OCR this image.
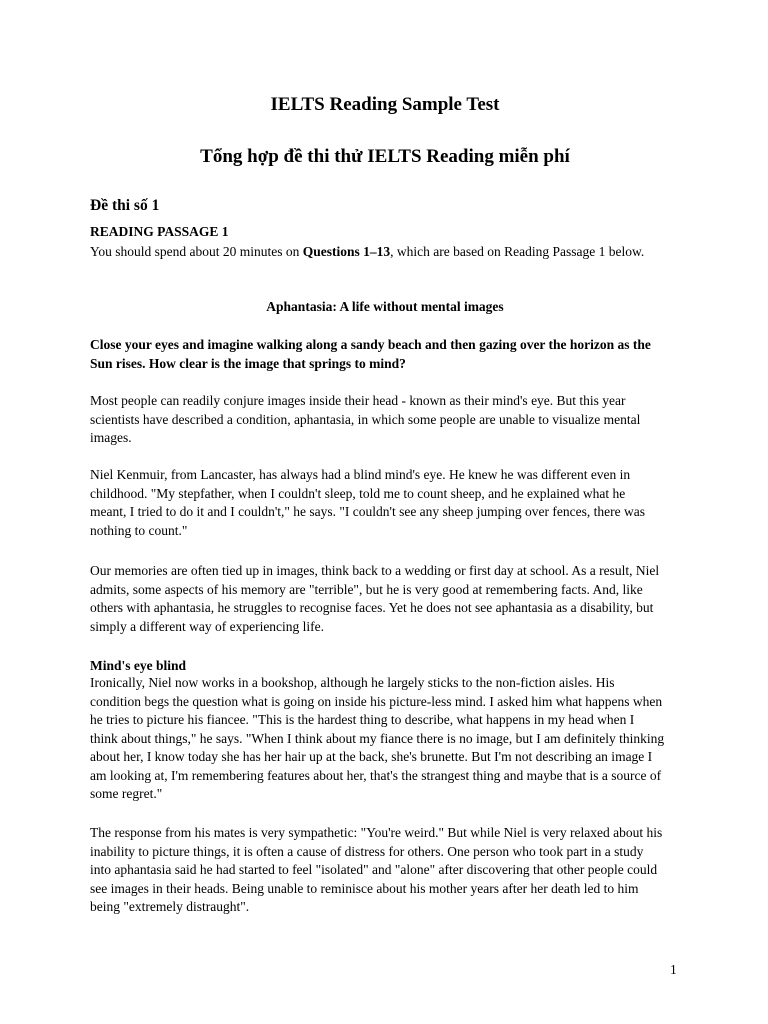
IELTS Reading Sample Test
Tổng hợp đề thi thử IELTS Reading miễn phí

Đề thi số 1

READING PASSAGE 1

You should spend about 20 minutes on Questions 1–13, which are based on Reading Passage 1 below.

Aphantasia: A life without mental images

Close your eyes and imagine walking along a sandy beach and then gazing over the horizon as the
Sun rises. How clear is the image that springs to mind?

Most people can readily conjure images inside their head - known as their mind's eye. But this year
scientists have described a condition, aphantasia, in which some people are unable to visualize mental
images.

Niel Kenmuir, from Lancaster, has always had a blind mind's eye. He knew he was different even in
childhood. "My stepfather, when I couldn't sleep, told me to count sheep, and he explained what he
meant, I tried to do it and I couldn't," he says. "I couldn't see any sheep jumping over fences, there was
nothing to count."

Our memories are often tied up in images, think back to a wedding or first day at school. As a result, Niel
admits, some aspects of his memory are "terrible", but he is very good at remembering facts. And, like
others with aphantasia, he struggles to recognise faces. Yet he does not see aphantasia as a disability, but
simply a different way of experiencing life.

Mind's eye blind

Ironically, Niel now works in a bookshop, although he largely sticks to the non-fiction aisles. His
condition begs the question what is going on inside his picture-less mind. I asked him what happens when
he tries to picture his fiancee. "This is the hardest thing to describe, what happens in my head when I
think about things," he says. "When I think about my fiance there is no image, but I am definitely thinking
about her, I know today she has her hair up at the back, she's brunette. But I'm not describing an image I
am looking at, I'm remembering features about her, that's the strangest thing and maybe that is a source of
some regret."

The response from his mates is very sympathetic: "You're weird." But while Niel is very relaxed about his
inability to picture things, it is often a cause of distress for others. One person who took part in a study
into aphantasia said he had started to feel "isolated" and "alone" after discovering that other people could
see images in their heads. Being unable to reminisce about his mother years after her death led to him
being "extremely distraught".

1
